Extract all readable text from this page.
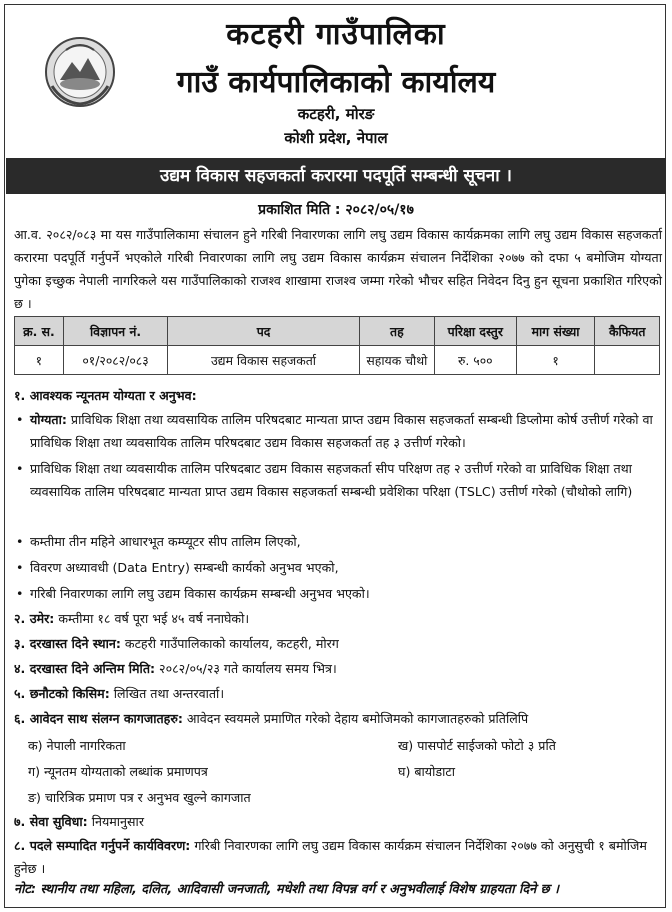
कटहरी गाउँपालिका
गाउँ कार्यपालिकाको कार्यालय
कटहरी, मोरङ
कोशी प्रदेश, नेपाल
उद्यम विकास सहजकर्ता करारमा पदपूर्ति सम्बन्धी सूचना ।
प्रकाशित मिति : २०८२/०५/१७
आ.व. २०८२/०८३ मा यस गाउँपालिकामा संचालन हुने गरिबी निवारणका लागि लघु उद्यम विकास कार्यक्रमका लागि लघु उद्यम विकास सहजकर्ता करारमा पदपूर्ति गर्नुपर्ने भएकोले गरिबी निवारणका लागि लघु उद्यम विकास कार्यक्रम संचालन निर्देशिका २०७७ को दफा ५ बमोजिम योग्यता पुगेका इच्छुक नेपाली नागरिकले यस गाउँपालिकाको राजश्व शाखामा राजश्व जम्मा गरेको भौचर सहित निवेदन दिनु हुन सूचना प्रकाशित गरिएको छ ।
क्र. स.	विज्ञापन नं.	पद	तह	परिक्षा दस्तुर	माग संख्या	कैफियत
१	०१/२०८२/०८३	उद्यम विकास सहजकर्ता	सहायक चौथो	रु. ५००	१	
१. आवश्यक न्यूनतम योग्यता र अनुभव:
• योग्यता: प्राविधिक शिक्षा तथा व्यवसायिक तालिम परिषदबाट मान्यता प्राप्त उद्यम विकास सहजकर्ता सम्बन्धी डिप्लोमा कोर्ष उत्तीर्ण गरेको वा प्राविधिक शिक्षा तथा व्यवसायिक तालिम परिषदबाट उद्यम विकास सहजकर्ता तह ३ उत्तीर्ण गरेको।
• प्राविधिक शिक्षा तथा व्यवसायीक तालिम परिषदबाट उद्यम विकास सहजकर्ता सीप परिक्षण तह २ उत्तीर्ण गरेको वा प्राविधिक शिक्षा तथा व्यवसायिक तालिम परिषदबाट मान्यता प्राप्त उद्यम विकास सहजकर्ता सम्बन्धी प्रवेशिका परिक्षा (TSLC) उत्तीर्ण गरेको (चौथोको लागि)
• कम्तीमा तीन महिने आधारभूत कम्प्यूटर सीप तालिम लिएको,
• विवरण अध्यावधी (Data Entry) सम्बन्धी कार्यको अनुभव भएको,
• गरिबी निवारणका लागि लघु उद्यम विकास कार्यक्रम सम्बन्धी अनुभव भएको।
२. उमेर: कम्तीमा १८ वर्ष पूरा भई ४५ वर्ष ननाघेको।
३. दरखास्त दिने स्थान: कटहरी गाउँपालिकाको कार्यालय, कटहरी, मोरग
४. दरखास्त दिने अन्तिम मिति: २०८२/०५/२३ गते कार्यालय समय भित्र।
५. छनौटको किसिम: लिखित तथा अन्तरवार्ता।
६. आवेदन साथ संलग्न कागजातहरु: आवेदन स्वयमले प्रमाणित गरेको देहाय बमोजिमको कागजातहरुको प्रतिलिपि
क) नेपाली नागरिकता	ख) पासपोर्ट साईजको फोटो ३ प्रति
ग) न्यूनतम योग्यताको लब्धांक प्रमाणपत्र	घ) बायोडाटा
ङ) चारित्रिक प्रमाण पत्र र अनुभव खुल्ने कागजात
७. सेवा सुविधा: नियमानुसार
८. पदले सम्पादित गर्नुपर्ने कार्यविवरण: गरिबी निवारणका लागि लघु उद्यम विकास कार्यक्रम संचालन निर्देशिका २०७७ को अनुसुची १ बमोजिम हुनेछ ।
नोट: स्थानीय तथा महिला, दलित, आदिवासी जनजाती, मधेशी तथा विपन्न वर्ग र अनुभवीलाई विशेष ग्राहयता दिने छ ।
